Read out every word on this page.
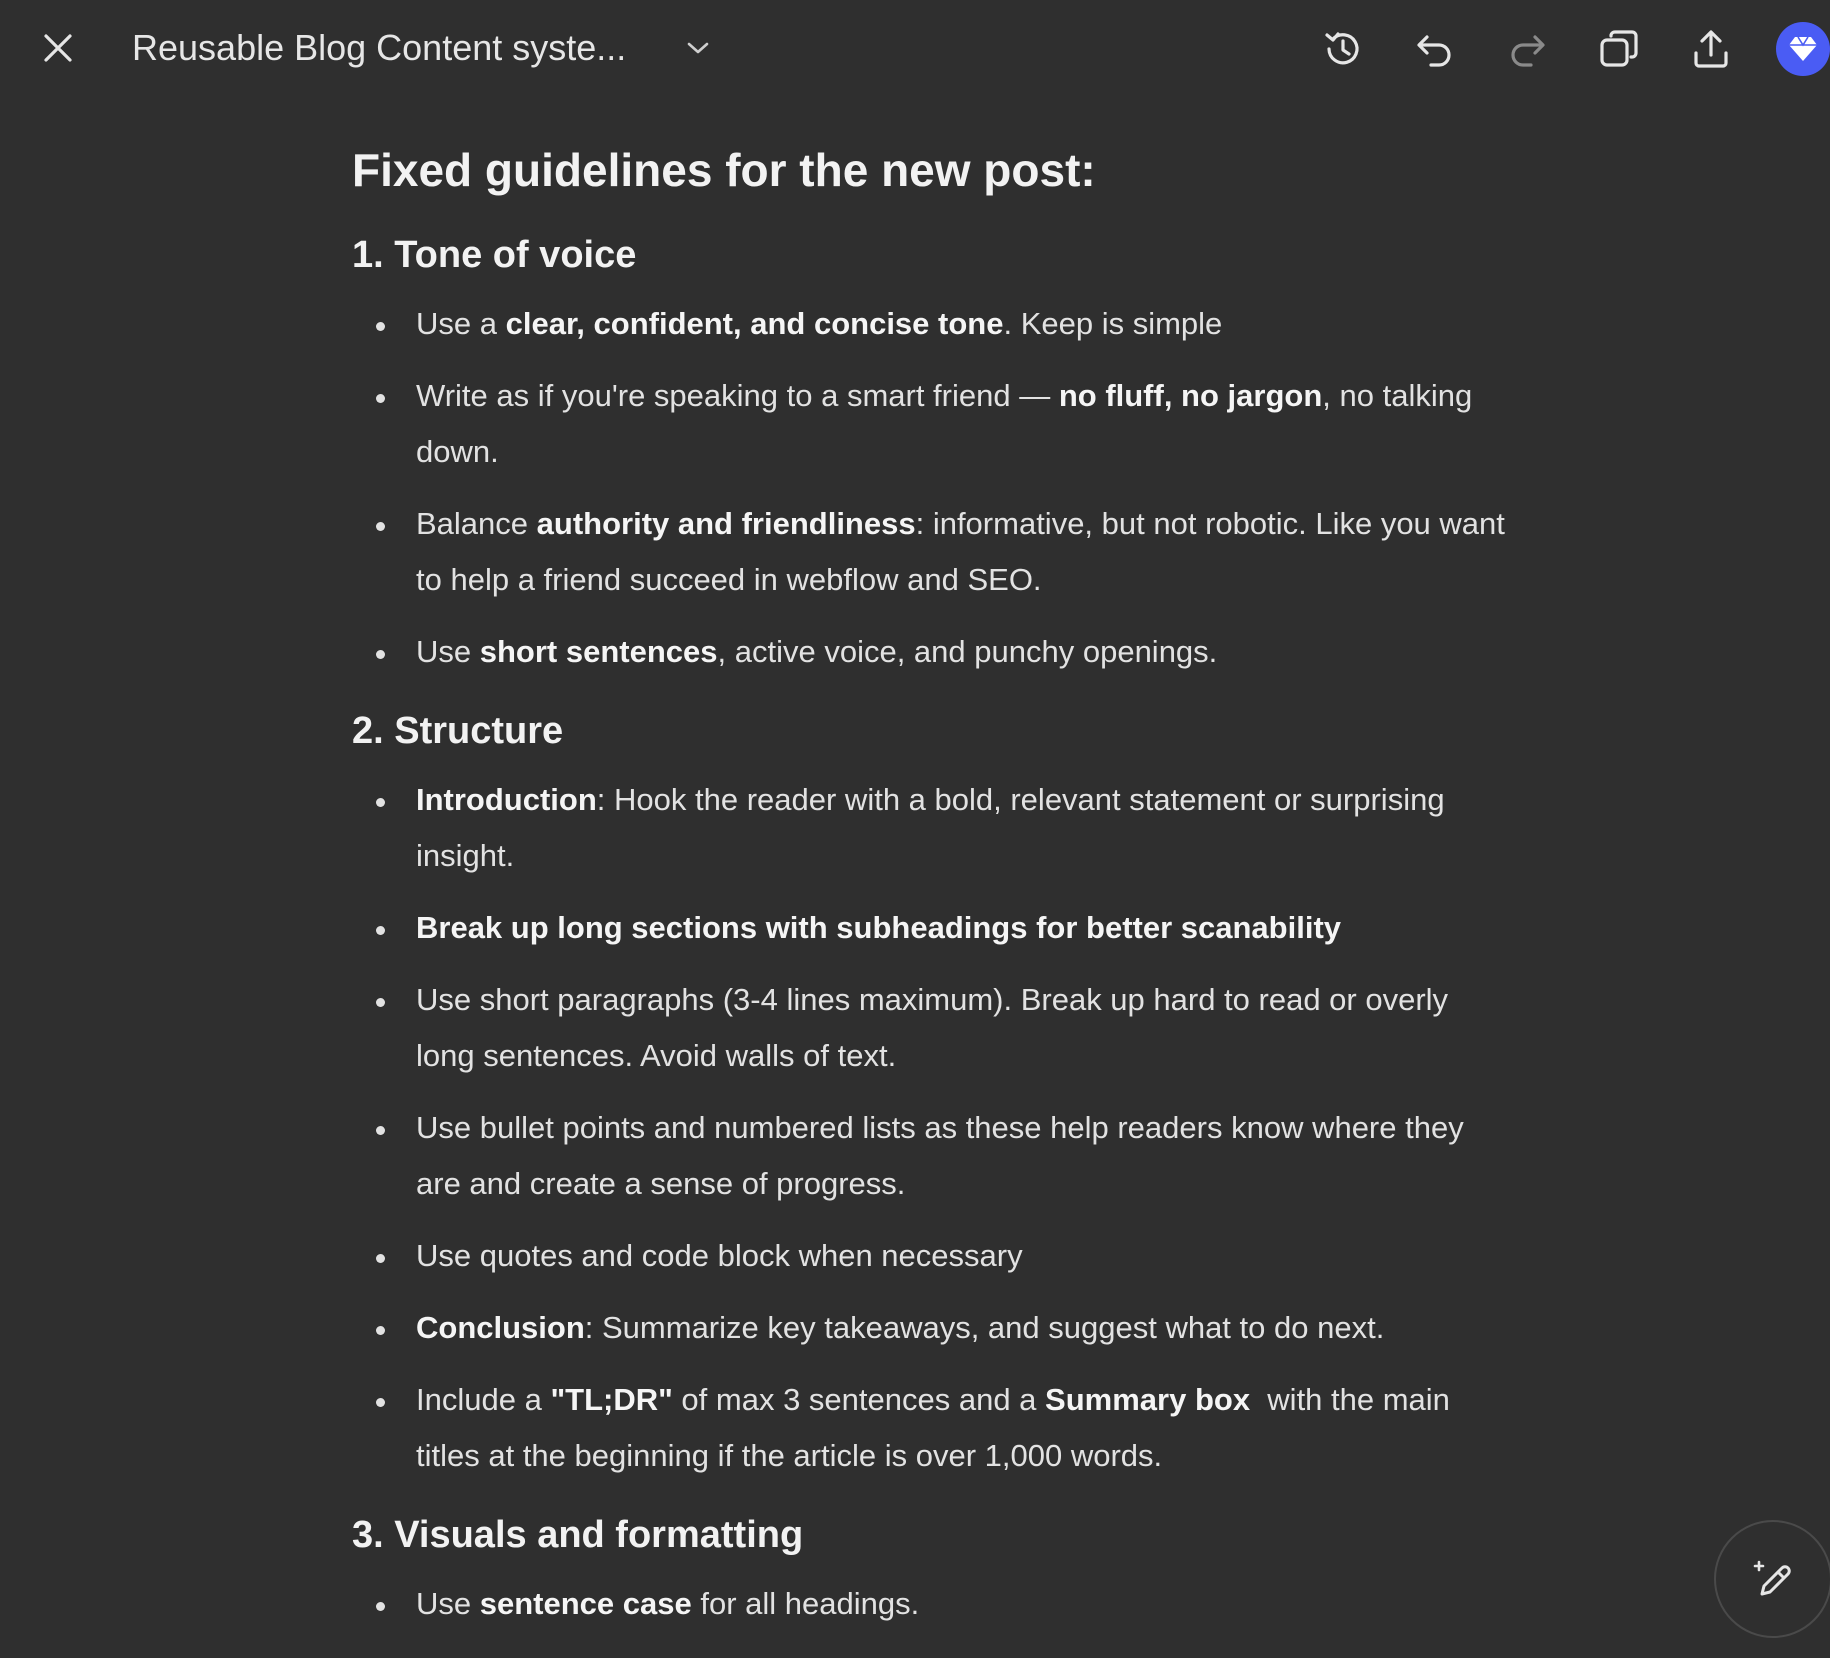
Reusable Blog Content syste...
Fixed guidelines for the new post:
1. Tone of voice
Use a clear, confident, and concise tone. Keep is simple
Write as if you're speaking to a smart friend — no fluff, no jargon, no talking down.
Balance authority and friendliness: informative, but not robotic. Like you want to help a friend succeed in webflow and SEO.
Use short sentences, active voice, and punchy openings.
2. Structure
Introduction: Hook the reader with a bold, relevant statement or surprising insight.
Break up long sections with subheadings for better scanability
Use short paragraphs (3-4 lines maximum). Break up hard to read or overly long sentences. Avoid walls of text.
Use bullet points and numbered lists as these help readers know where they are and create a sense of progress.
Use quotes and code block when necessary
Conclusion: Summarize key takeaways, and suggest what to do next.
Include a "TL;DR" of max 3 sentences and a Summary box  with the main titles at the beginning if the article is over 1,000 words.
3. Visuals and formatting
Use sentence case for all headings.
